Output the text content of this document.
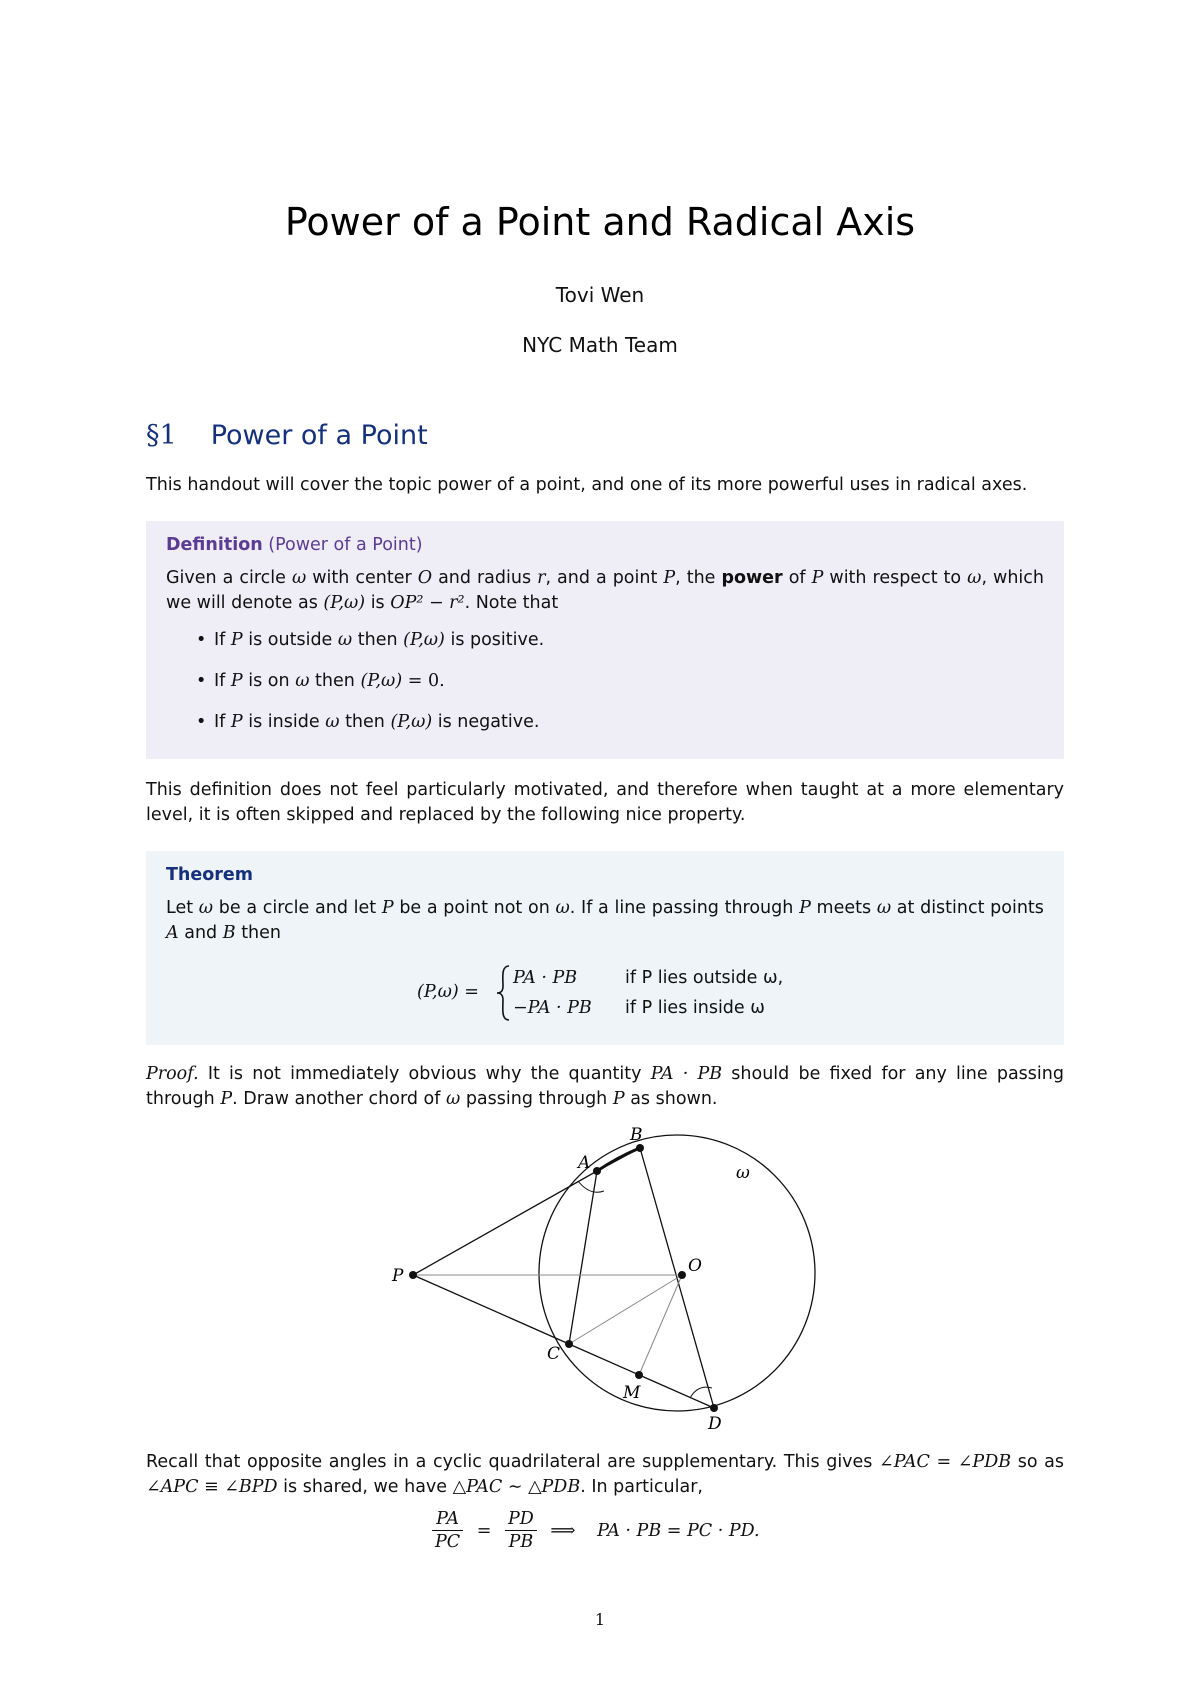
Power of a Point and Radical Axis
Tovi Wen
NYC Math Team
§1 Power of a Point
This handout will cover the topic power of a point, and one of its more powerful uses in radical axes.
Definition (Power of a Point)
Given a circle ω with center O and radius r, and a point P, the power of P with respect to ω, which we will denote as (P,ω) is OP² − r². Note that
• If P is outside ω then (P,ω) is positive.
• If P is on ω then (P,ω) = 0.
• If P is inside ω then (P,ω) is negative.
This definition does not feel particularly motivated, and therefore when taught at a more elementary level, it is often skipped and replaced by the following nice property.
Theorem
Let ω be a circle and let P be a point not on ω. If a line passing through P meets ω at distinct points A and B then
(P,ω) =
PA · PB	if P lies outside ω,
−PA · PB if P lies inside ω
Proof. It is not immediately obvious why the quantity PA · PB should be fixed for any line passing through P. Draw another chord of ω passing through P as shown.
P
A
B
C
D
O
M
ω
Recall that opposite angles in a cyclic quadrilateral are supplementary. This gives ∠PAC = ∠PDB so as ∠APC ≡ ∠BPD is shared, we have △PAC ∼ △PDB. In particular,
$\frac{PA}{PC} = \frac{PD}{PB}$ ⟹ PA · PB = PC · PD.
1
